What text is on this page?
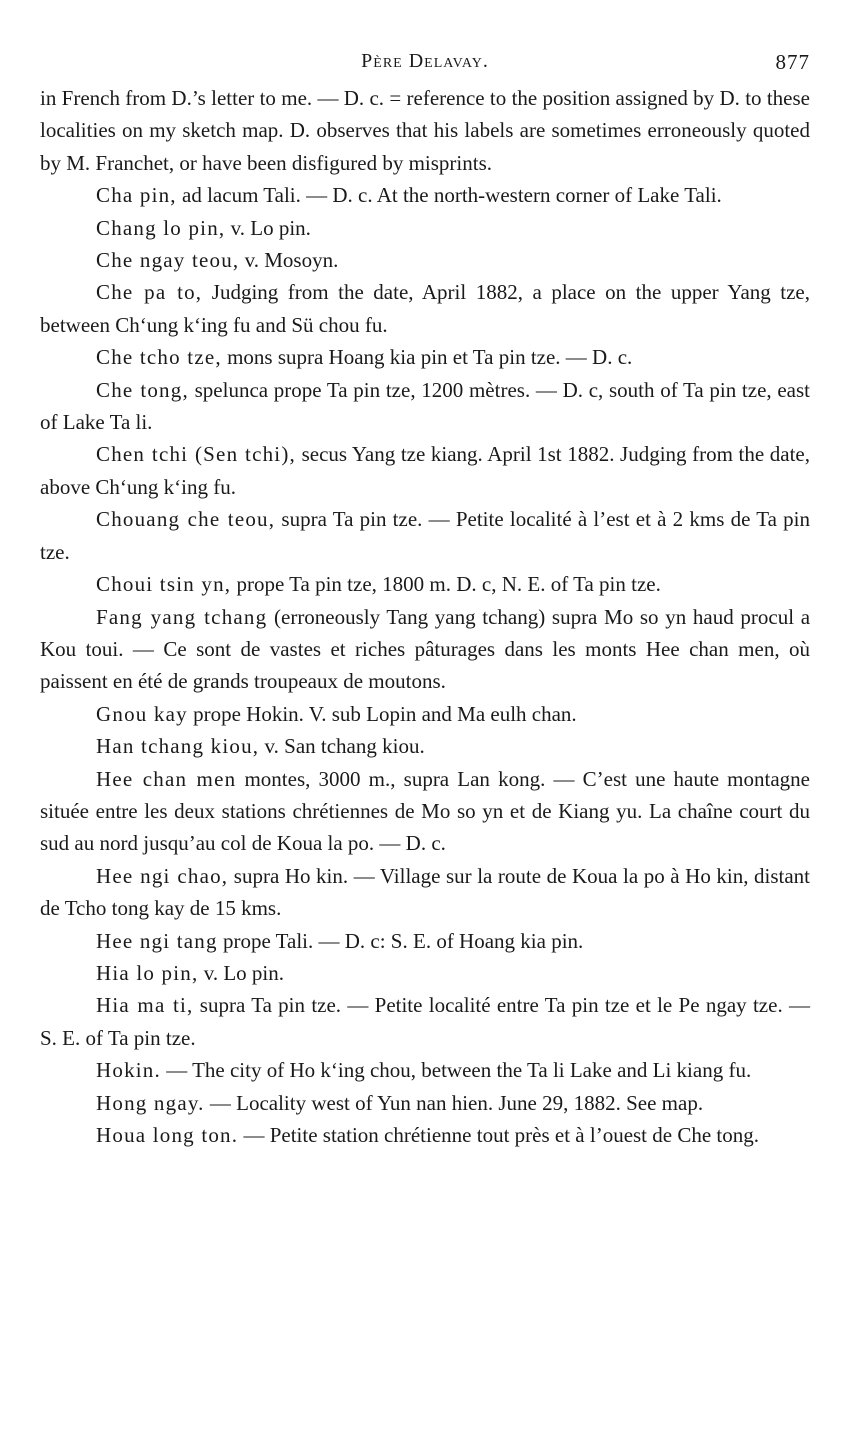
Père Delavay.	877

in French from D.’s letter to me. — D. c. = reference to the position assigned by D. to these localities on my sketch map. D. observes that his labels are sometimes erroneously quoted by M. Franchet, or have been disfigured by misprints.

Cha pin, ad lacum Tali. — D. c. At the north-western corner of Lake Tali.

Chang lo pin, v. Lo pin.

Che ngay teou, v. Mosoyn.

Che pa to, Judging from the date, April 1882, a place on the upper Yang tze, between Chʻung kʻing fu and Sü chou fu.

Che tcho tze, mons supra Hoang kia pin et Ta pin tze. — D. c.

Che tong, spelunca prope Ta pin tze, 1200 mètres. — D. c, south of Ta pin tze, east of Lake Ta li.

Chen tchi (Sen tchi), secus Yang tze kiang. April 1st 1882. Judging from the date, above Chʻung kʻing fu.

Chouang che teou, supra Ta pin tze. — Petite localité à l’est et à 2 kms de Ta pin tze.

Choui tsin yn, prope Ta pin tze, 1800 m. D. c, N. E. of Ta pin tze.

Fang yang tchang (erroneously Tang yang tchang) supra Mo so yn haud procul a Kou toui. — Ce sont de vastes et riches pâturages dans les monts Hee chan men, où paissent en été de grands troupeaux de moutons.

Gnou kay prope Hokin. V. sub Lopin and Ma eulh chan.

Han tchang kiou, v. San tchang kiou.

Hee chan men montes, 3000 m., supra Lan kong. — C’est une haute montagne située entre les deux stations chrétiennes de Mo so yn et de Kiang yu. La chaîne court du sud au nord jusqu’au col de Koua la po. — D. c.

Hee ngi chao, supra Ho kin. — Village sur la route de Koua la po à Ho kin, distant de Tcho tong kay de 15 kms.

Hee ngi tang prope Tali. — D. c: S. E. of Hoang kia pin.

Hia lo pin, v. Lo pin.

Hia ma ti, supra Ta pin tze. — Petite localité entre Ta pin tze et le Pe ngay tze. — S. E. of Ta pin tze.

Hokin. — The city of Ho kʻing chou, between the Ta li Lake and Li kiang fu.

Hong ngay. — Locality west of Yun nan hien. June 29, 1882. See map.

Houa long ton. — Petite station chrétienne tout près et à l’ouest de Che tong.
